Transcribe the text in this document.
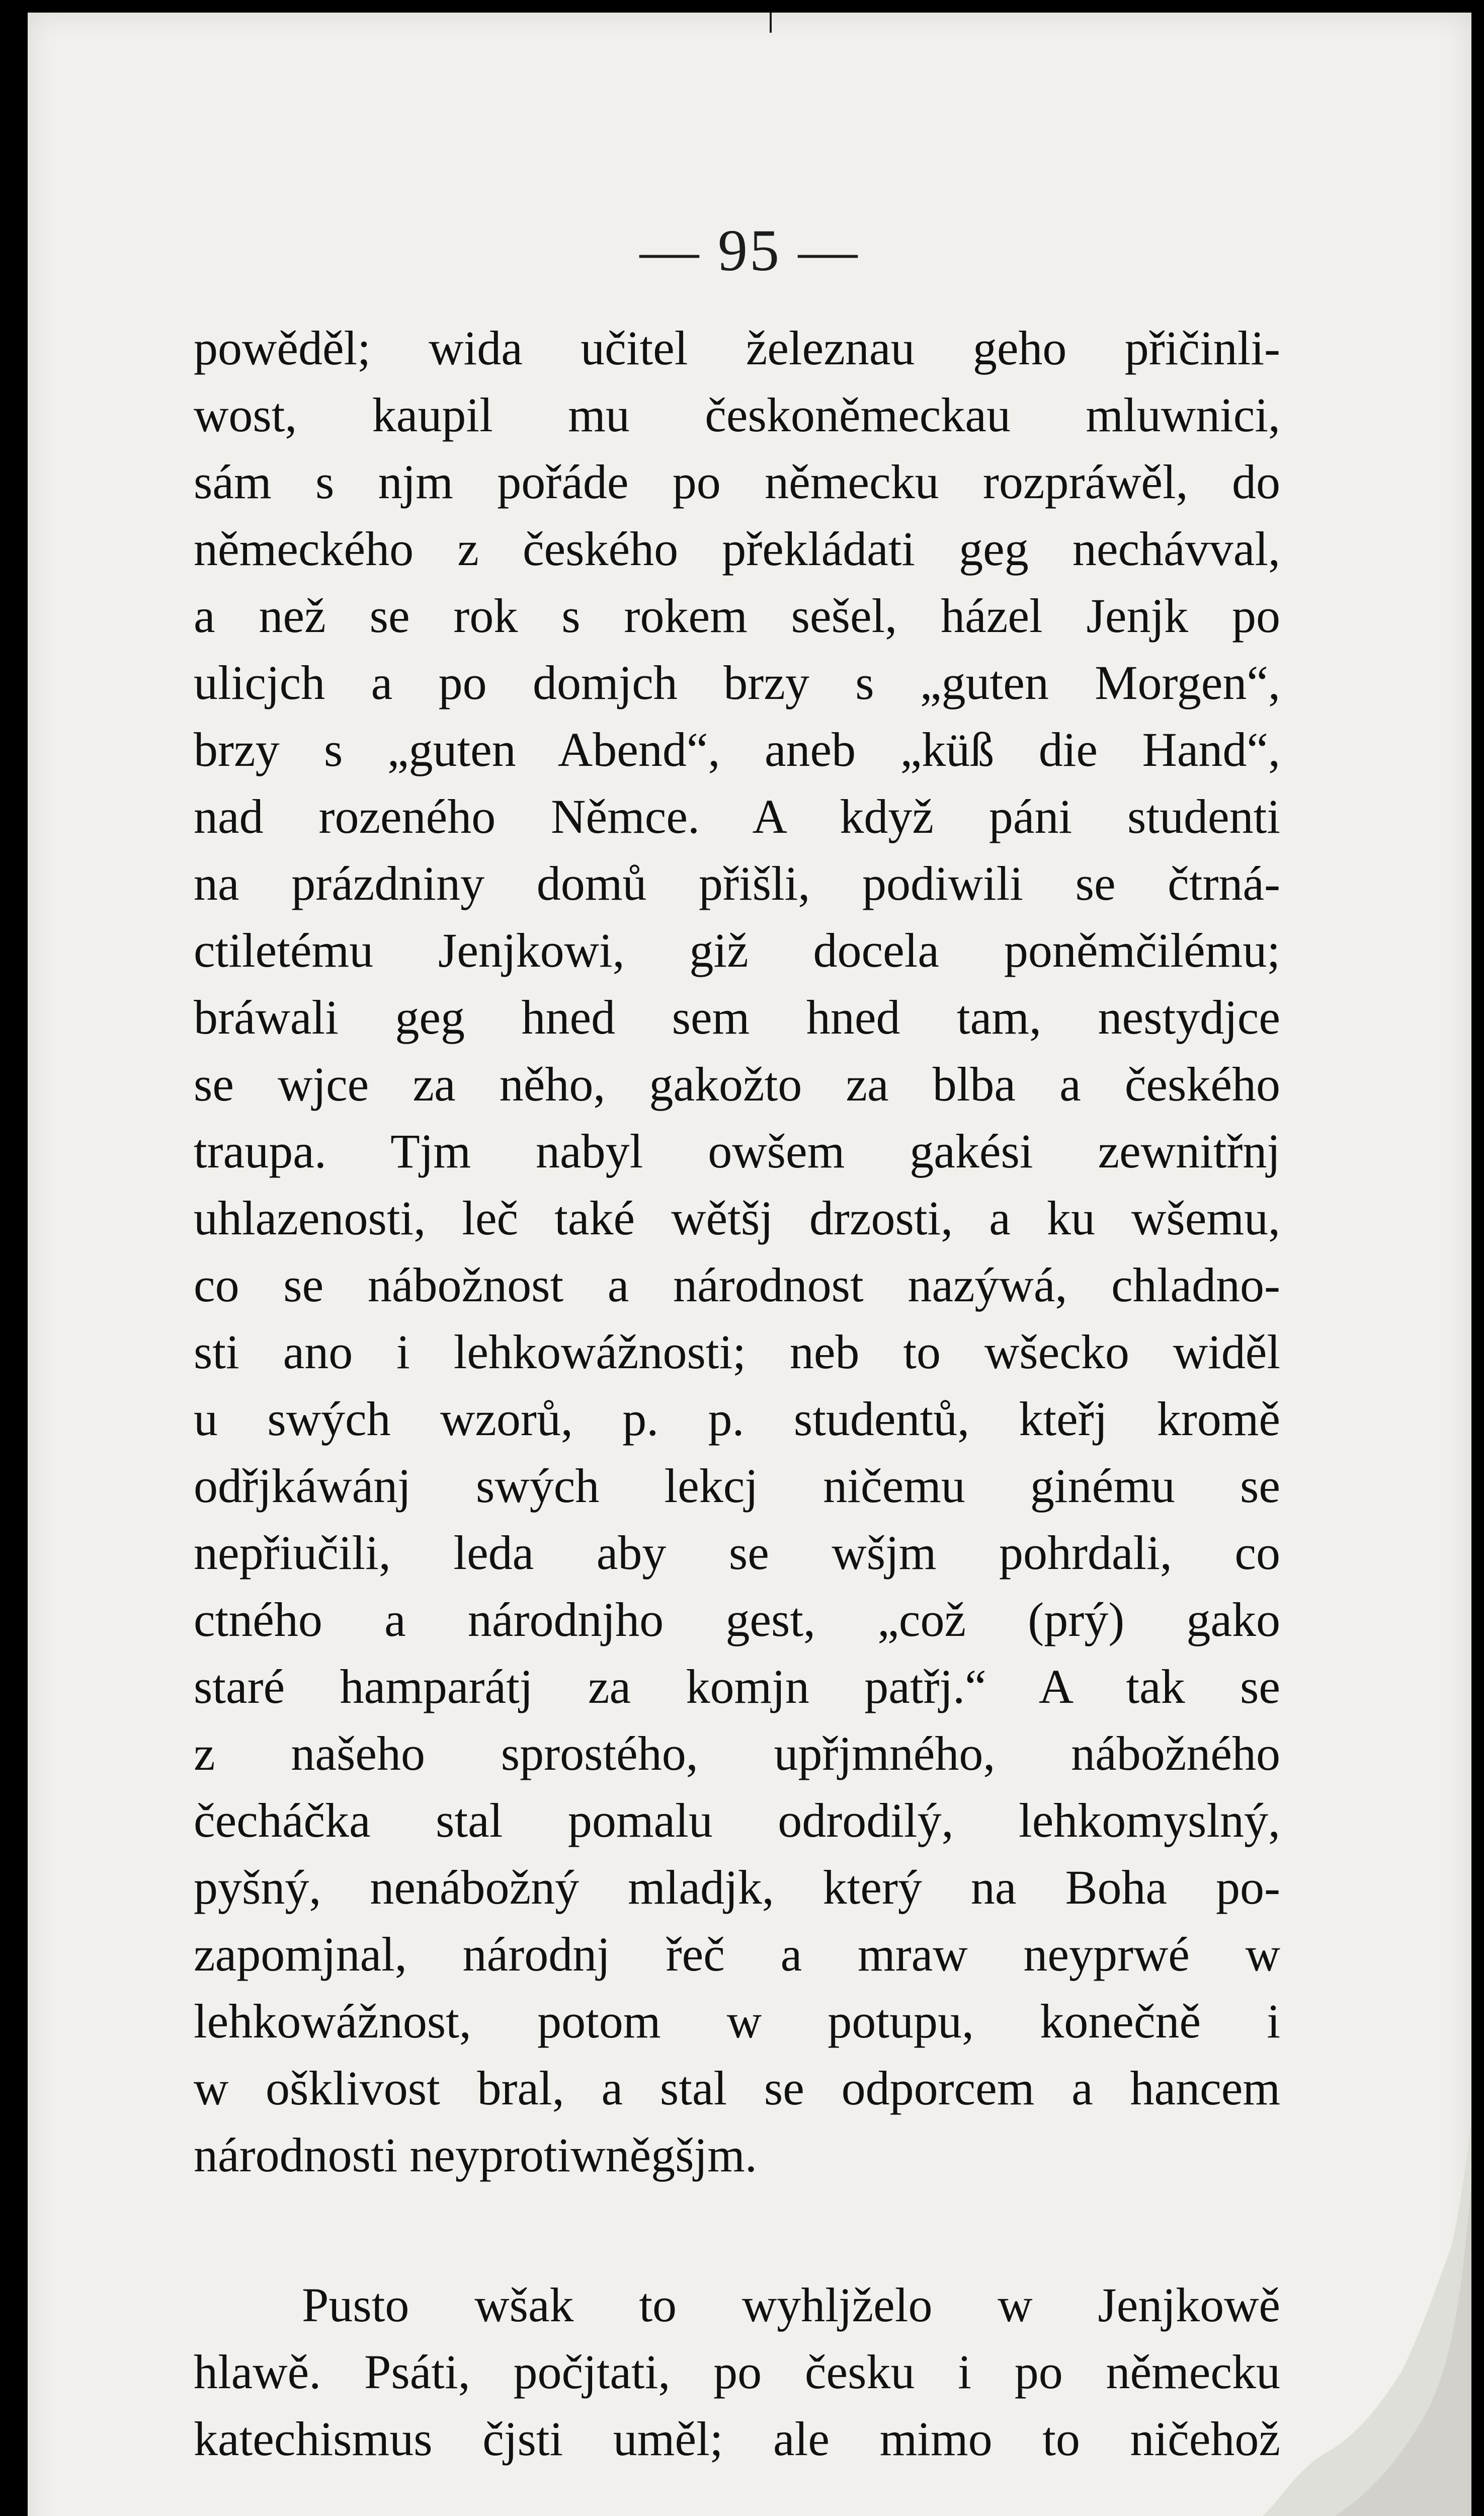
— 95 —
powěděl; wida učitel železnau geho přičinli-
wost, kaupil mu českoněmeckau mluwnici,
sám s njm pořáde po německu rozpráwěl, do
německého z českého překládati geg nechávval,
a než se rok s rokem sešel, házel Jenjk po
ulicjch a po domjch brzy s „guten Morgen“,
brzy s „guten Abend“, aneb „küß die Hand“,
nad rozeného Němce. A když páni studenti
na prázdniny domů přišli, podiwili se čtrná-
ctiletému Jenjkowi, giž docela poněmčilému;
bráwali geg hned sem hned tam, nestydjce
se wjce za něho, gakožto za blba a českého
traupa. Tjm nabyl owšem gakési zewnitřnj
uhlazenosti, leč také wětšj drzosti, a ku wšemu,
co se nábožnost a národnost nazýwá, chladno-
sti ano i lehkowážnosti; neb to wšecko widěl
u swých wzorů, p. p. studentů, kteřj kromě
odřjkáwánj swých lekcj ničemu ginému se
nepřiučili, leda aby se wšjm pohrdali, co
ctného a národnjho gest, „což (prý) gako
staré hamparátj za komjn patřj.“ A tak se
z našeho sprostého, upřjmného, nábožného
čecháčka stal pomalu odrodilý, lehkomyslný,
pyšný, nenábožný mladjk, který na Boha po-
zapomjnal, národnj řeč a mraw neyprwé w
lehkowážnost, potom w potupu, konečně i
w ošklivost bral, a stal se odporcem a hancem
národnosti neyprotiwněgšjm.
Pusto wšak to wyhljželo w Jenjkowě
hlawě. Psáti, počjtati, po česku i po německu
katechismus čjsti uměl; ale mimo to ničehož
